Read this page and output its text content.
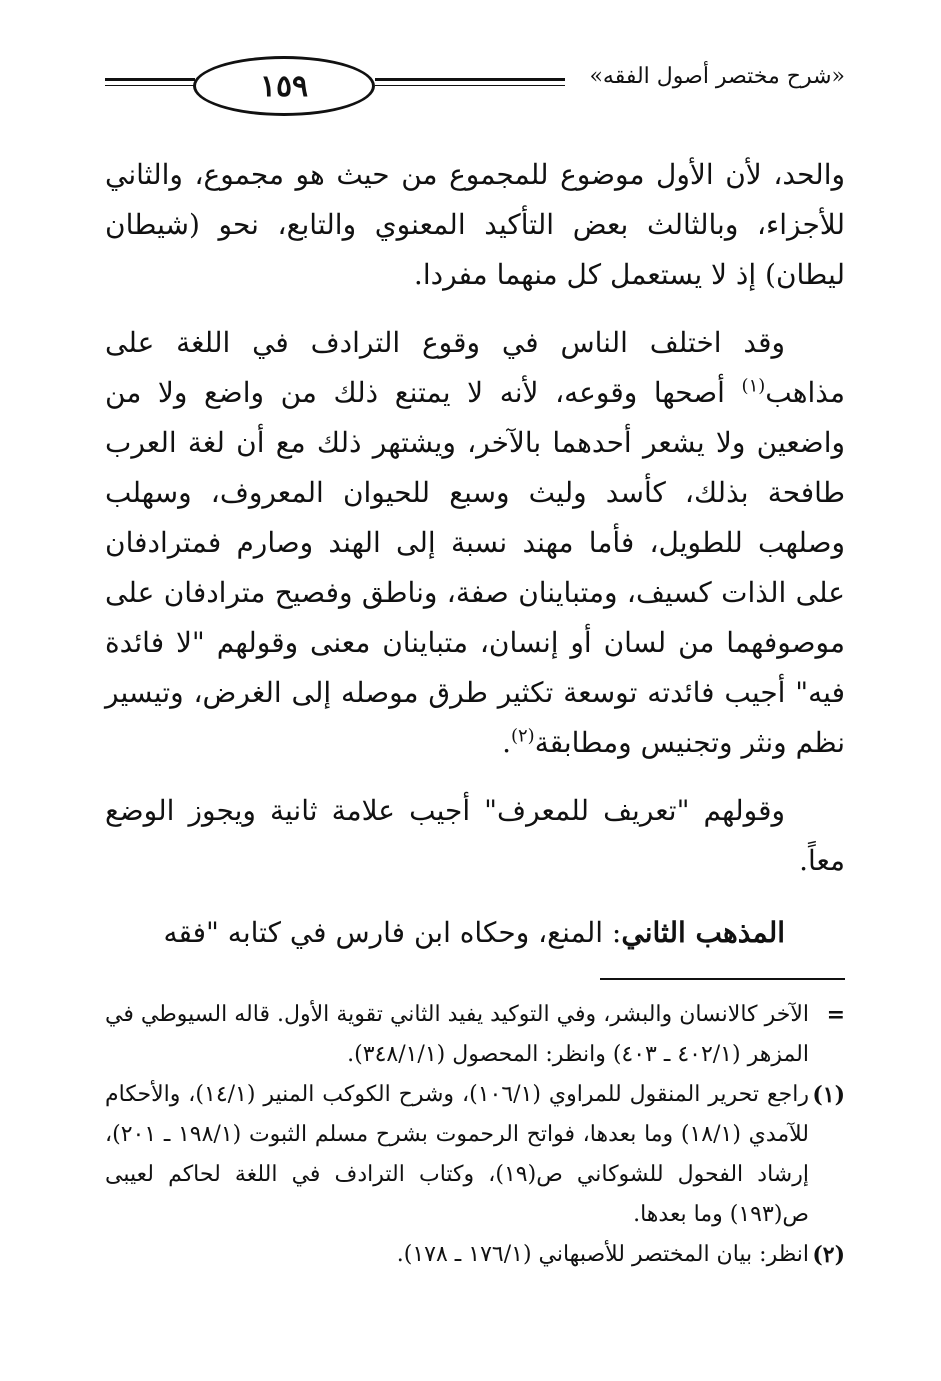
١٥٩	«شرح مختصر أصول الفقه»

والحد، لأن الأول موضوع للمجموع من حيث هو مجموع، والثاني للأجزاء، وبالثالث بعض التأكيد المعنوي والتابع، نحو (شيطان ليطان) إذ لا يستعمل كل منهما مفردا.

وقد اختلف الناس في وقوع الترادف في اللغة على مذاهب$^{(١)}$ أصحها وقوعه، لأنه لا يمتنع ذلك من واضع ولا من واضعين ولا يشعر أحدهما بالآخر، ويشتهر ذلك مع أن لغة العرب طافحة بذلك، كأسد وليث وسبع للحيوان المعروف، وسهلب وصلهب للطويل، فأما مهند نسبة إلى الهند وصارم فمترادفان على الذات كسيف، ومتباينان صفة، وناطق وفصيح مترادفان على موصوفهما من لسان أو إنسان، متباينان معنى وقولهم "لا فائدة فيه" أجيب فائدته توسعة تكثير طرق موصله إلى الغرض، وتيسير نظم ونثر وتجنيس ومطابقة$^{(٢)}$.

وقولهم "تعريف للمعرف" أجيب علامة ثانية ويجوز الوضع معاً.

المذهب الثاني: المنع، وحكاه ابن فارس في كتابه "فقه

=
الآخر كالانسان والبشر، وفي التوكيد يفيد الثاني تقوية الأول. قاله السيوطي في المزهر (٤٠٢/١ ـ ٤٠٣) وانظر: المحصول (٣٤٨/١/١).
(١)
راجع تحرير المنقول للمراوي (١٠٦/١)، وشرح الكوكب المنير (١٤/١)، والأحكام للآمدي (١٨/١) وما بعدها، فواتح الرحموت بشرح مسلم الثبوت (١٩٨/١ ـ ٢٠١)، إرشاد الفحول للشوكاني ص(١٩)، وكتاب الترادف في اللغة لحاكم لعيبى ص(١٩٣) وما بعدها.
(٢)
انظر: بيان المختصر للأصبهاني (١٧٦/١ ـ ١٧٨).
